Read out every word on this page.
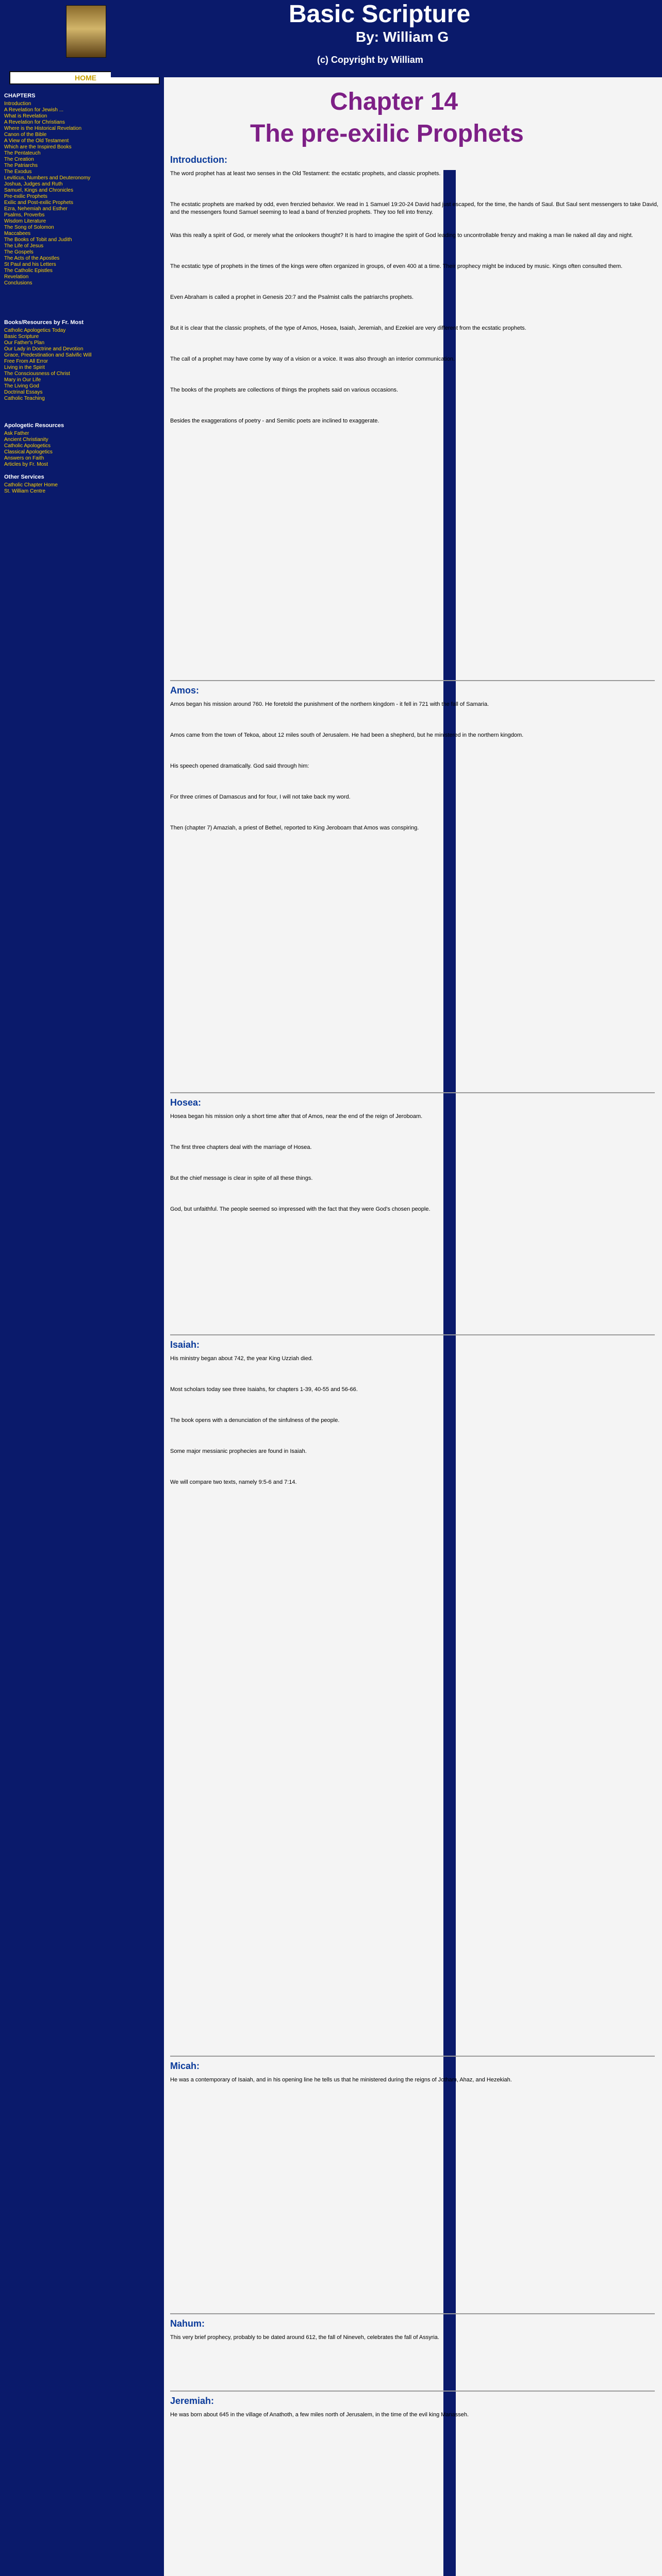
HOME
Basic Scripture
By: William G
(c) Copyright by William
Chapter 14
The pre-exilic Prophets
CHAPTERS
Introduction
A Revelation for Jewish ...
What is Revelation
A Revelation for Christians
Where is the Historical Revelation
Canon of the Bible
A View of the Old Testament
Which are the Inspired Books
The Pentateuch
The Creation
The Patriarchs
The Exodus
Leviticus, Numbers and Deuteronomy
Joshua, Judges and Ruth
Samuel, Kings and Chronicles
Pre-exilic Prophets
Exilic and Post-exilic Prophets
Ezra, Nehemiah and Esther
Psalms, Proverbs
Wisdom Literature
The Song of Solomon
Maccabees
The Books of Tobit and Judith
The Life of Jesus
The Gospels
The Acts of the Apostles
St Paul and his Letters
The Catholic Epistles
Revelation
Conclusions
Books/Resources by Fr. Most
Catholic Apologetics Today
Basic Scripture
Our Father's Plan
Our Lady in Doctrine and Devotion
Grace, Predestination and Salvific Will
Free From All Error
Living in the Spirit
The Consciousness of Christ
Mary in Our Life
The Living God
Doctrinal Essays
Catholic Teaching
Apologetic Resources
Ask Father
Ancient Christianity
Catholic Apologetics
Classical Apologetics
Answers on Faith
Articles by Fr. Most
Other Services
Catholic Chapter Home
St. William Centre
Introduction:
The word prophet has at least two senses in the Old Testament: the ecstatic prophets, and classic prophets.
The ecstatic prophets are marked by odd, even frenzied behavior. We read in 1 Samuel 19:20-24 David had just escaped, for the time, the hands of Saul. But Saul sent messengers to take David, and the messengers found Samuel seeming to lead a band of frenzied prophets. They too fell into frenzy.
Was this really a spirit of God, or merely what the onlookers thought? It is hard to imagine the spirit of God leading to uncontrollable frenzy and making a man lie naked all day and night.
The ecstatic type of prophets in the times of the kings were often organized in groups, of even 400 at a time. Their prophecy might be induced by music. Kings often consulted them.
Even Abraham is called a prophet in Genesis 20:7 and the Psalmist calls the patriarchs prophets.
But it is clear that the classic prophets, of the type of Amos, Hosea, Isaiah, Jeremiah, and Ezekiel are very different from the ecstatic prophets.
The call of a prophet may have come by way of a vision or a voice. It was also through an interior communication.
The books of the prophets are collections of things the prophets said on various occasions.
Besides the exaggerations of poetry - and Semitic poets are inclined to exaggerate.
Amos:
Amos began his mission around 760. He foretold the punishment of the northern kingdom - it fell in 721 with the fall of Samaria.
Amos came from the town of Tekoa, about 12 miles south of Jerusalem. He had been a shepherd, but he ministered in the northern kingdom.
His speech opened dramatically. God said through him:
For three crimes of Damascus and for four, I will not take back my word.
Then (chapter 7) Amaziah, a priest of Bethel, reported to King Jeroboam that Amos was conspiring.
Hosea:
Hosea began his mission only a short time after that of Amos, near the end of the reign of Jeroboam.
The first three chapters deal with the marriage of Hosea.
But the chief message is clear in spite of all these things.
God, but unfaithful. The people seemed so impressed with the fact that they were God's chosen people.
Isaiah:
His ministry began about 742, the year King Uzziah died.
Most scholars today see three Isaiahs, for chapters 1-39, 40-55 and 56-66.
The book opens with a denunciation of the sinfulness of the people.
Some major messianic prophecies are found in Isaiah.
We will compare two texts, namely 9:5-6 and 7:14.
Micah:
He was a contemporary of Isaiah, and in his opening line he tells us that he ministered during the reigns of Jotham, Ahaz, and Hezekiah.
Nahum:
This very brief prophecy, probably to be dated around 612, the fall of Nineveh, celebrates the fall of Assyria.
Jeremiah:
He was born about 645 in the village of Anathoth, a few miles north of Jerusalem, in the time of the evil king Manasseh.
